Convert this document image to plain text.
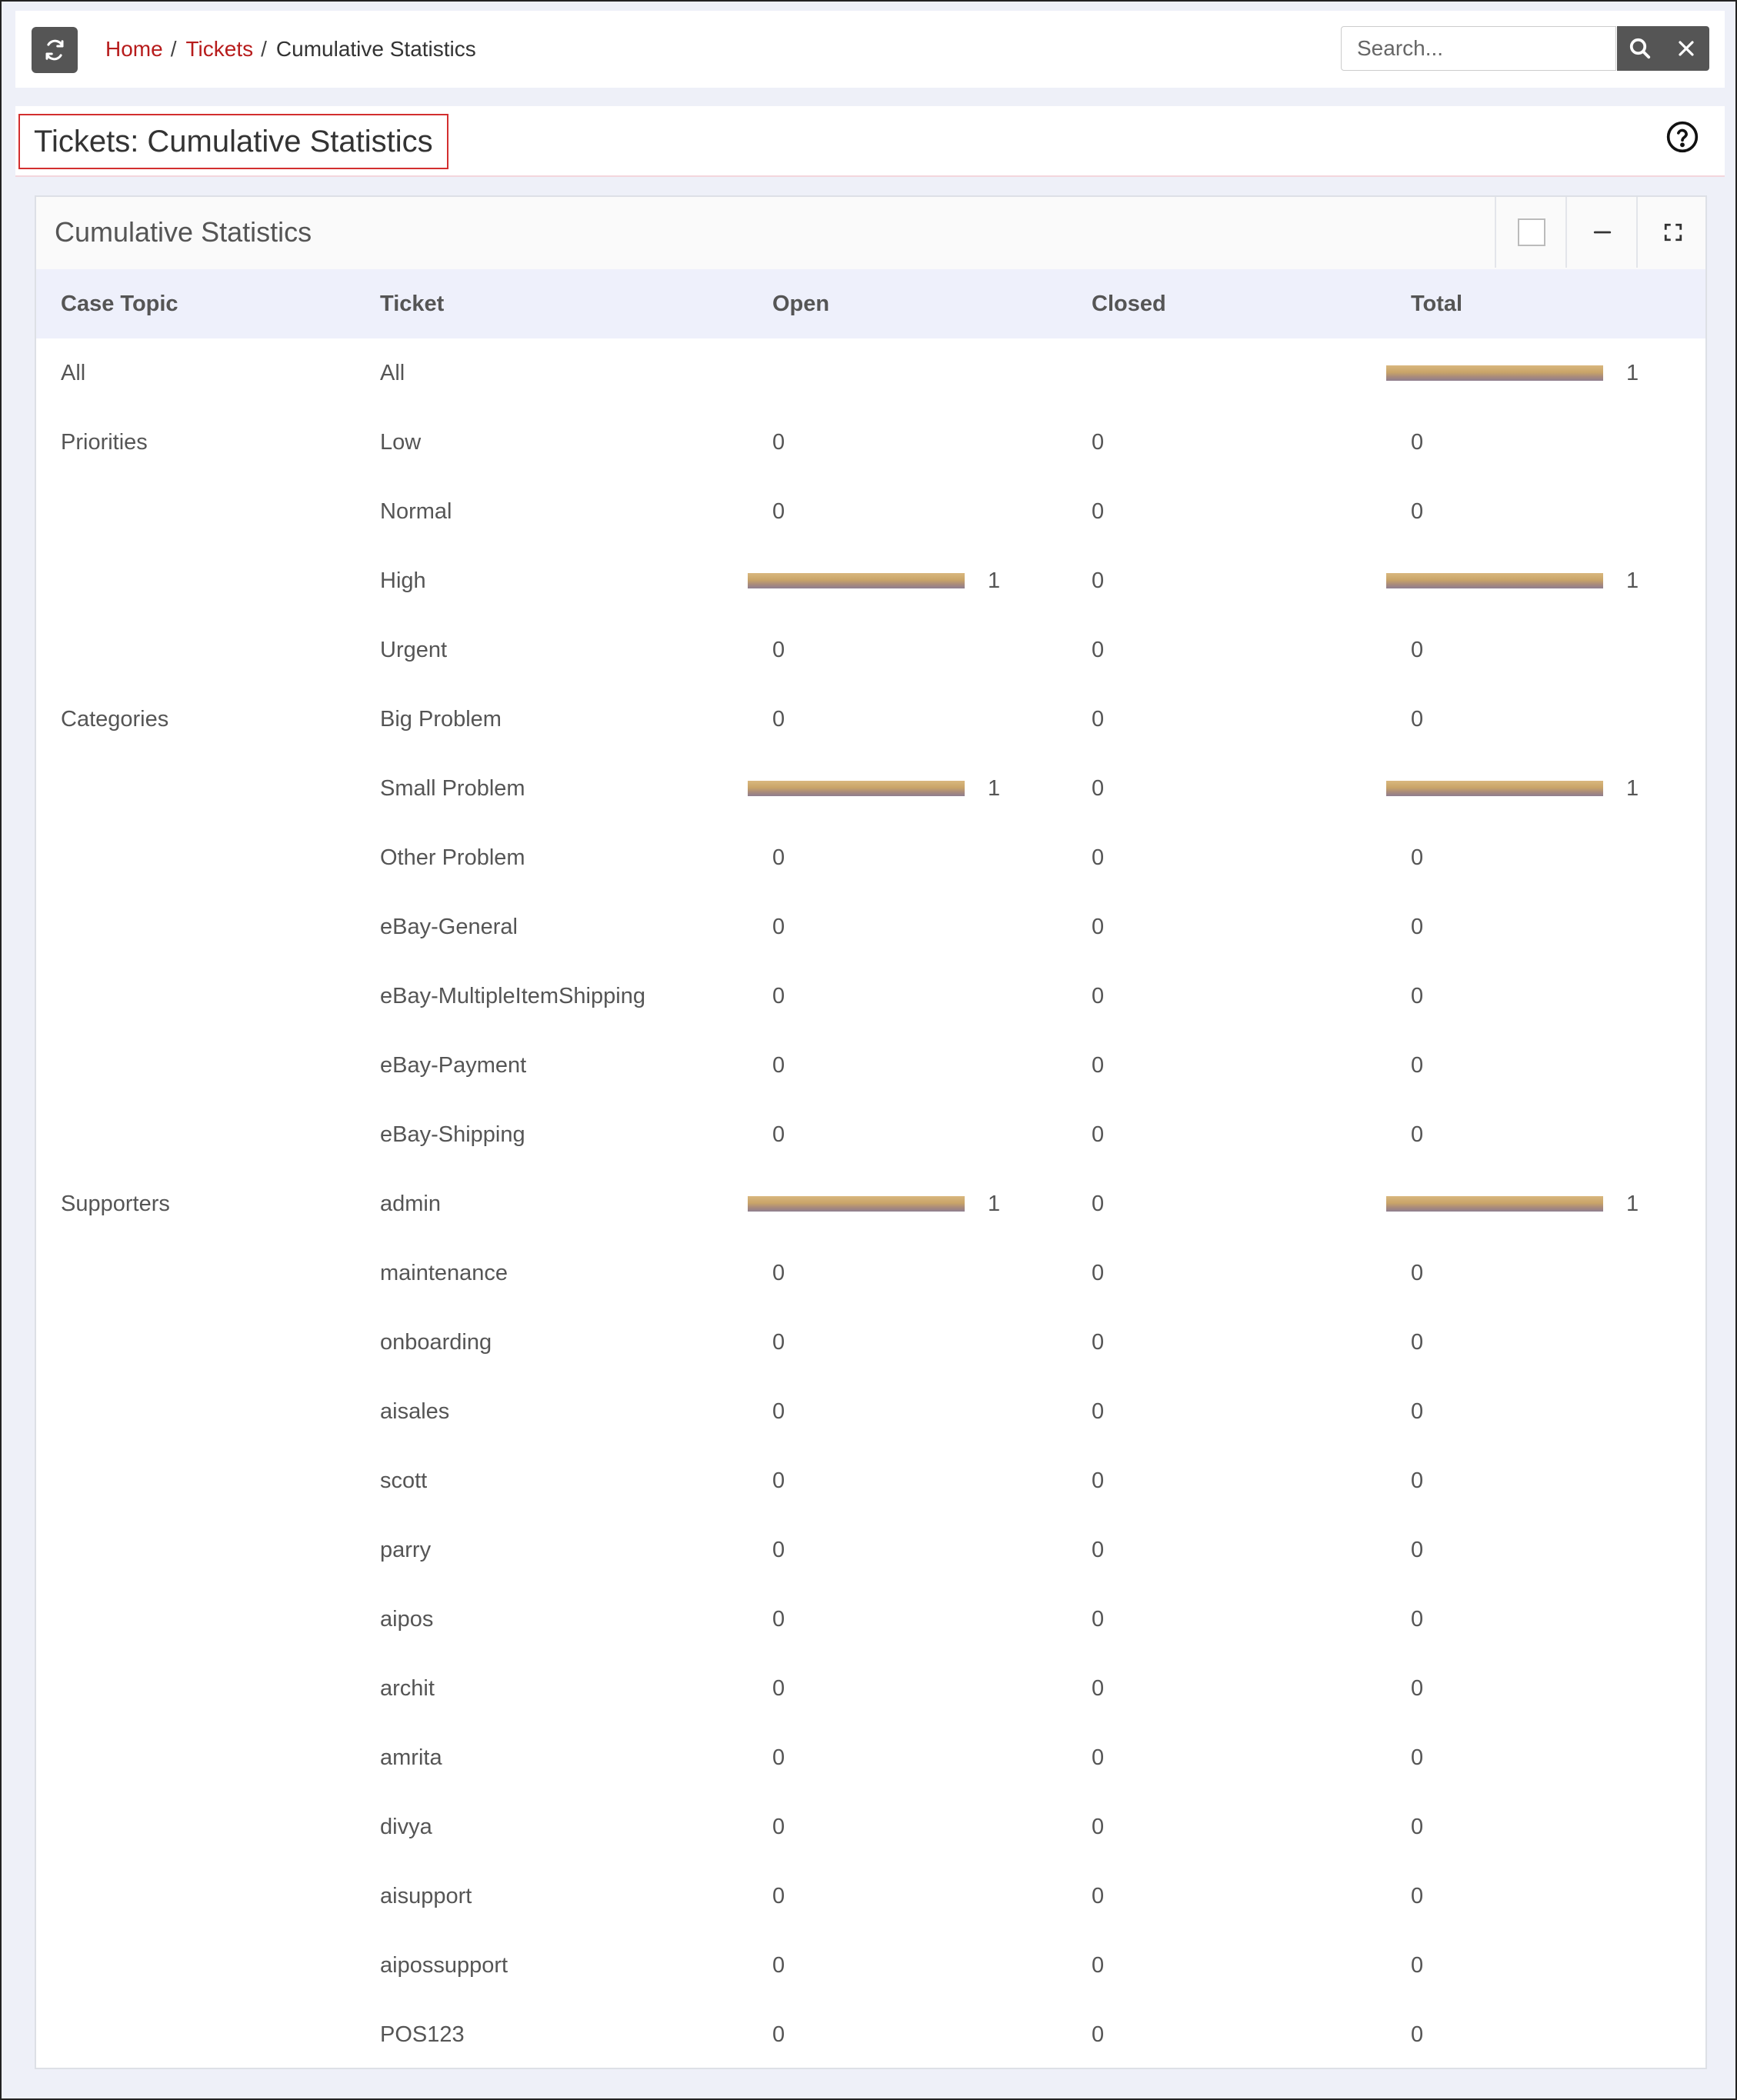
Home / Tickets / Cumulative Statistics
Search...
Tickets: Cumulative Statistics
Cumulative Statistics
Case Topic	Ticket	Open	Closed	Total
All	All			1

Priorities	Low	0	0	0

	Normal	0	0	0

	High	1	0	1

	Urgent	0	0	0

Categories	Big Problem	0	0	0

	Small Problem	1	0	1

	Other Problem	0	0	0

	eBay-General	0	0	0

	eBay-MultipleItemShipping	0	0	0

	eBay-Payment	0	0	0

	eBay-Shipping	0	0	0

Supporters	admin	1	0	1

	maintenance	0	0	0

	onboarding	0	0	0

	aisales	0	0	0

	scott	0	0	0

	parry	0	0	0

	aipos	0	0	0

	archit	0	0	0

	amrita	0	0	0

	divya	0	0	0

	aisupport	0	0	0

	aipossupport	0	0	0

	POS123	0	0	0
